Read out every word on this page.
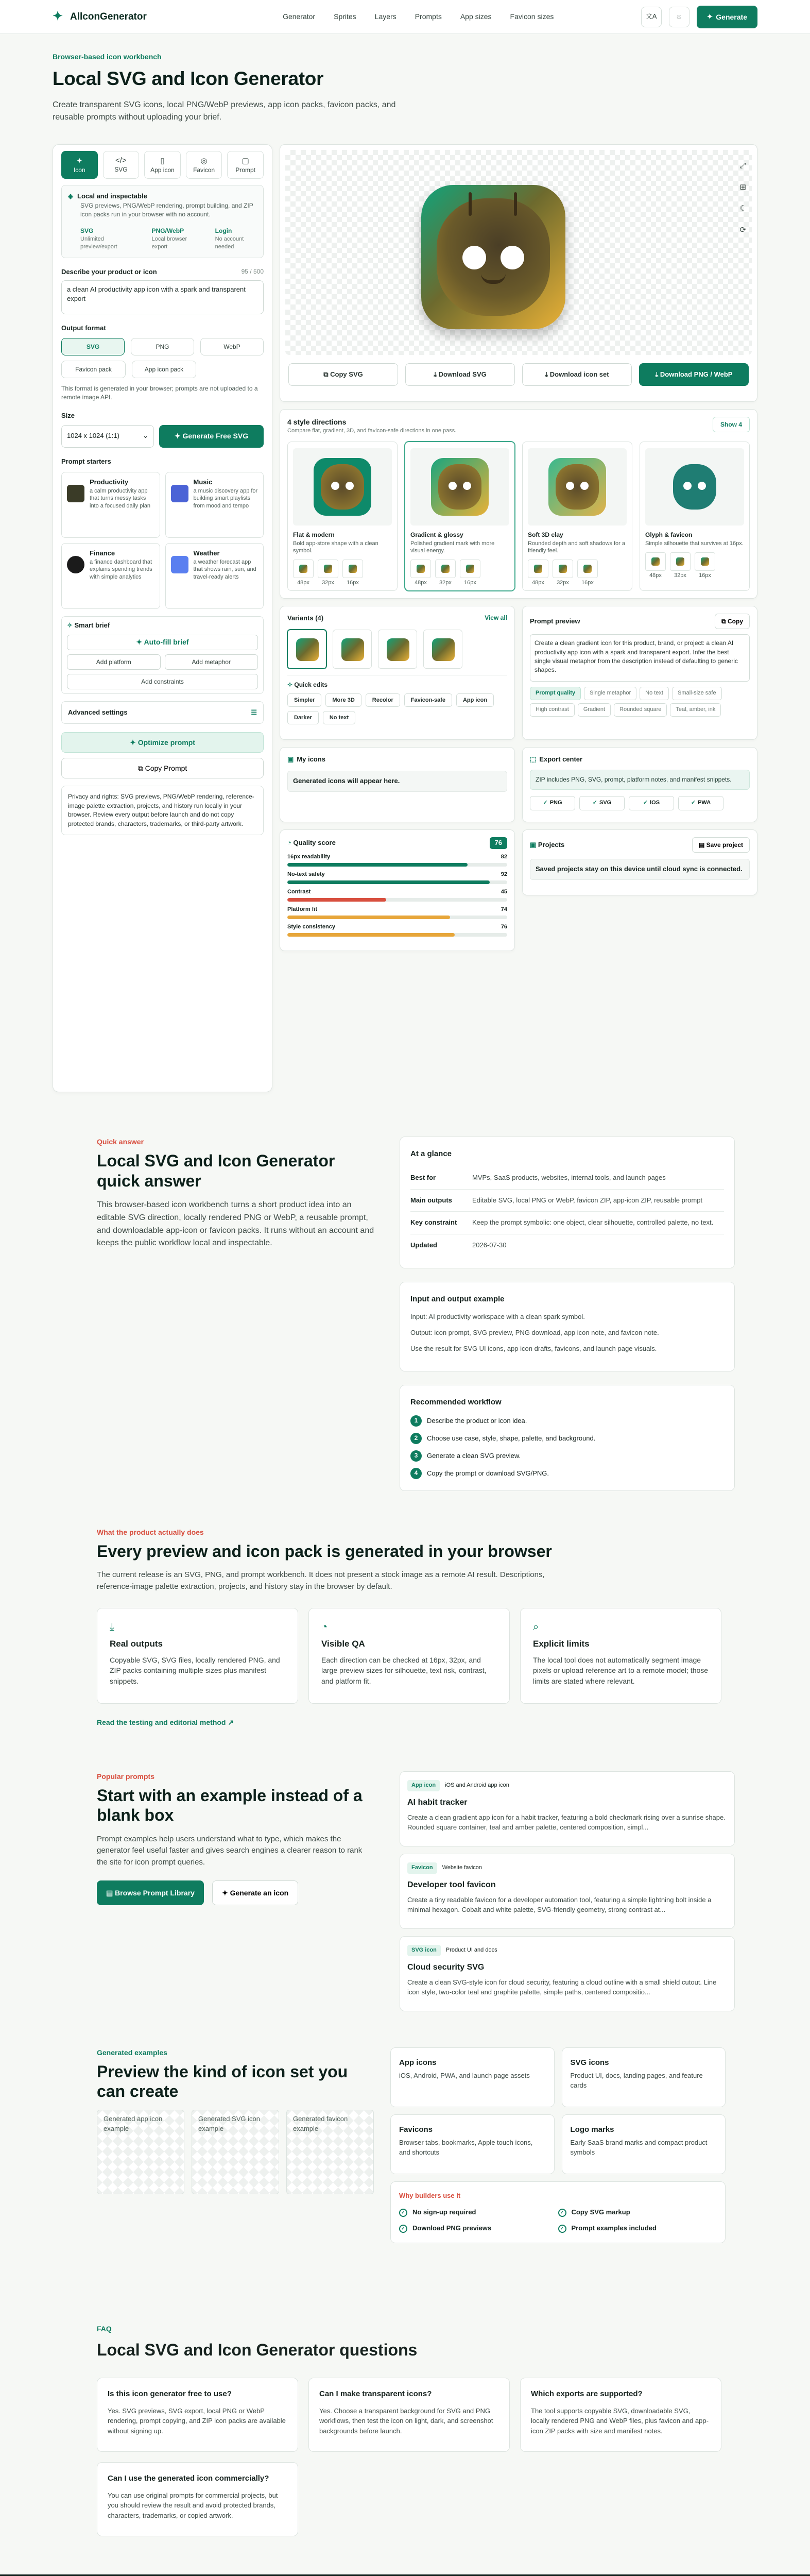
✦ AllconGenerator	Generator	Sprites	Layers	Prompts	App sizes	Favicon sizes	文A	☼	✦ Generate
Browser-based icon workbench
Local SVG and Icon Generator

Create transparent SVG icons, local PNG/WebP previews, app icon packs, favicon packs, and reusable prompts without uploading your brief.

✦
Icon
</>
SVG
▯
App icon
◎
Favicon
▢
Prompt
◈ Local and inspectable
SVG previews, PNG/WebP rendering, prompt building, and ZIP icon packs run in your browser with no account.
SVG
Unlimited preview/export
PNG/WebP
Local browser export
Login
No account needed
Describe your product or icon	95 / 500
a clean AI productivity app icon with a spark and transparent export
Output format
SVG	PNG	WebP
Favicon pack	App icon pack
This format is generated in your browser; prompts are not uploaded to a remote image API.
Size
1024 x 1024 (1:1)	⌄	✦ Generate Free SVG
Prompt starters
Productivity
a calm productivity app that turns messy tasks into a focused daily plan
Music
a music discovery app for building smart playlists from mood and tempo
Finance
a finance dashboard that explains spending trends with simple analytics
Weather
a weather forecast app that shows rain, sun, and travel-ready alerts
✧ Smart brief
✦ Auto-fill brief
Add platform	Add metaphor
Add constraints
Advanced settings	☰
✦ Optimize prompt ⧉ Copy Prompt
Privacy and rights: SVG previews, PNG/WebP rendering, reference-image palette extraction, projects, and history run locally in your browser. Review every output before launch and do not copy protected brands, characters, trademarks, or third-party artwork.
⤢
⊞
☾
⟳
⧉ Copy SVG	⤓ Download SVG	⤓ Download icon set	⤓ Download PNG / WebP
4 style directions
Compare flat, gradient, 3D, and favicon-safe directions in one pass.
Show 4
Flat & modern
Bold app-store shape with a clean symbol.
48px	32px	16px
Gradient & glossy
Polished gradient mark with more visual energy.
48px	32px	16px
Soft 3D clay
Rounded depth and soft shadows for a friendly feel.
48px	32px	16px
Glyph & favicon
Simple silhouette that survives at 16px.
48px	32px	16px
Variants (4)	View all
✧ Quick edits
Simpler	More 3D	Recolor	Favicon-safe	App icon
Darker	No text
Prompt preview	⧉ Copy
Create a clean gradient icon for this product, brand, or project: a clean AI productivity app icon with a spark and transparent export. Infer the best single visual metaphor from the description instead of defaulting to generic shapes.
Prompt quality	Single metaphor	No text	Small-size safe
High contrast	Gradient	Rounded square	Teal, amber, ink
▣ My icons
Generated icons will appear here.
⬚ Export center
ZIP includes PNG, SVG, prompt, platform notes, and manifest snippets.
✓ PNG	✓ SVG	✓ iOS	✓ PWA
◔ Quality score	76
16px readability	82
No-text safety	92
Contrast	45
Platform fit	74
Style consistency	76
▣ Projects	▤ Save project
Saved projects stay on this device until cloud sync is connected.
Quick answer
Local SVG and Icon Generator quick answer

This browser-based icon workbench turns a short product idea into an editable SVG direction, locally rendered PNG or WebP, a reusable prompt, and downloadable app-icon or favicon packs. It runs without an account and keeps the public workflow local and inspectable.

At a glance
Best for	MVPs, SaaS products, websites, internal tools, and launch pages
Main outputs	Editable SVG, local PNG or WebP, favicon ZIP, app-icon ZIP, reusable prompt
Key constraint	Keep the prompt symbolic: one object, clear silhouette, controlled palette, no text.
Updated	2026-07-30
Input and output example

Input: AI productivity workspace with a clean spark symbol.

Output: icon prompt, SVG preview, PNG download, app icon note, and favicon note.

Use the result for SVG UI icons, app icon drafts, favicons, and launch page visuals.

Recommended workflow
1	Describe the product or icon idea.
2	Choose use case, style, shape, palette, and background.
3	Generate a clean SVG preview.
4	Copy the prompt or download SVG/PNG.
What the product actually does
Every preview and icon pack is generated in your browser

The current release is an SVG, PNG, and prompt workbench. It does not present a stock image as a remote AI result. Descriptions, reference-image palette extraction, projects, and history stay in the browser by default.

⤓
Real outputs

Copyable SVG, SVG files, locally rendered PNG, and ZIP packs containing multiple sizes plus manifest snippets.

◔
Visible QA

Each direction can be checked at 16px, 32px, and large preview sizes for silhouette, text risk, contrast, and platform fit.

⌕
Explicit limits

The local tool does not automatically segment image pixels or upload reference art to a remote model; those limits are stated where relevant.

Read the testing and editorial method ↗
Popular prompts
Start with an example instead of a blank box

Prompt examples help users understand what to type, which makes the generator feel useful faster and gives search engines a clearer reason to rank the site for icon prompt queries.

▤ Browse Prompt Library	✦ Generate an icon
App icon	iOS and Android app icon
AI habit tracker

Create a clean gradient app icon for a habit tracker, featuring a bold checkmark rising over a sunrise shape. Rounded square container, teal and amber palette, centered composition, simpl...

Favicon	Website favicon
Developer tool favicon

Create a tiny readable favicon for a developer automation tool, featuring a simple lightning bolt inside a minimal hexagon. Cobalt and white palette, SVG-friendly geometry, strong contrast at...

SVG icon	Product UI and docs
Cloud security SVG

Create a clean SVG-style icon for cloud security, featuring a cloud outline with a small shield cutout. Line icon style, two-color teal and graphite palette, simple paths, centered compositio...

Generated examples
Preview the kind of icon set you can create
Generated app icon example
Generated SVG icon example
Generated favicon example
App icons
iOS, Android, PWA, and launch page assets
SVG icons
Product UI, docs, landing pages, and feature cards
Favicons
Browser tabs, bookmarks, Apple touch icons, and shortcuts
Logo marks
Early SaaS brand marks and compact product symbols
Why builders use it
✓	No sign-up required	✓	Copy SVG markup
✓	Download PNG previews	✓	Prompt examples included
FAQ
Local SVG and Icon Generator questions
Is this icon generator free to use?

Yes. SVG previews, SVG export, local PNG or WebP rendering, prompt copying, and ZIP icon packs are available without signing up.

Can I make transparent icons?

Yes. Choose a transparent background for SVG and PNG workflows, then test the icon on light, dark, and screenshot backgrounds before launch.

Which exports are supported?

The tool supports copyable SVG, downloadable SVG, locally rendered PNG and WebP files, plus favicon and app-icon ZIP packs with size and manifest notes.

Can I use the generated icon commercially?

You can use original prompts for commercial projects, but you should review the result and avoid protected brands, characters, trademarks, or copied artwork.
